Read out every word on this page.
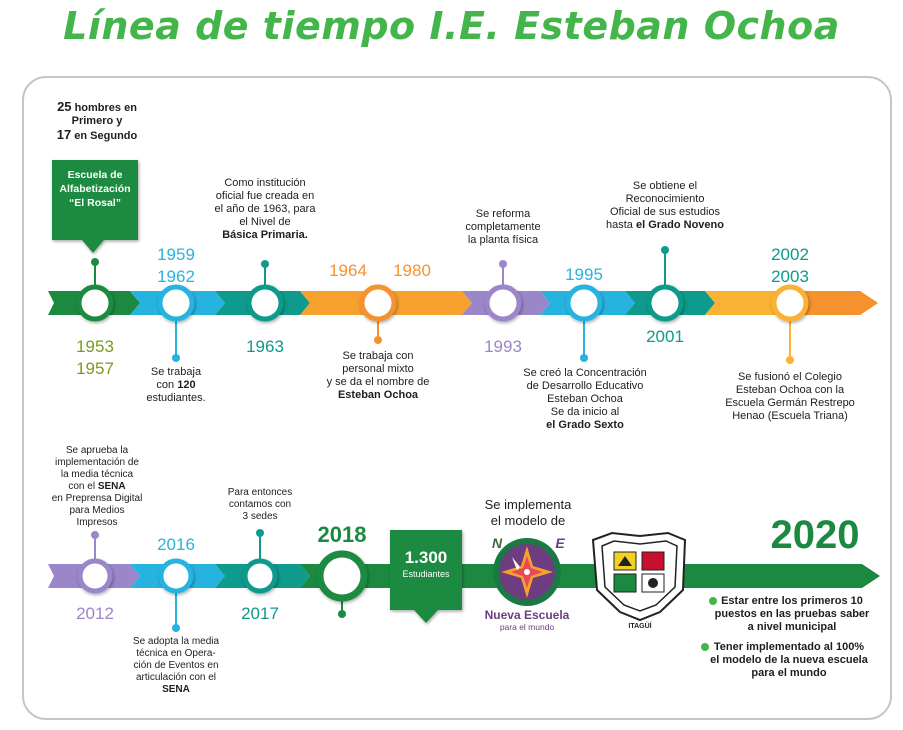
Línea de tiempo I.E. Esteban Ochoa
25 hombres en
Primero y
17 en Segundo
Escuela de
Alfabetización
“El Rosal”
1953
1957
1959
1962
Se trabaja
con 120
estudiantes.
Como institución
oficial fue creada en
el año de 1963, para
el Nivel de
Básica Primaria.
1963
1964	1980
Se trabaja con
personal mixto
y se da el nombre de
Esteban Ochoa
Se reforma
completamente
la planta física
1993
1995
Se creó la Concentración
de Desarrollo Educativo
Esteban Ochoa
Se da inicio al
el Grado Sexto
Se obtiene el
Reconocimiento
Oficial de sus estudios
hasta el Grado Noveno
2001
2002
2003
Se fusionó el Colegio
Esteban Ochoa con la
Escuela Germán Restrepo
Henao (Escuela Triana)
Se aprueba la
implementación de
la media técnica
con el SENA
en Preprensa Digital
para Medios
Impresos
2012
2016
Se adopta la media
técnica en Opera-
ción de Eventos en
articulación con el
SENA
Para entonces
contamos con
3 sedes
2017
2018
1.300
Estudiantes
Se implementa
el modelo de
N	E
Nueva Escuela
para el mundo	ITAGÜÍ
2020
Estar entre los primeros 10
puestos en las pruebas saber
a nivel municipal
Tener implementado al 100%
el modelo de la nueva escuela
para el mundo
